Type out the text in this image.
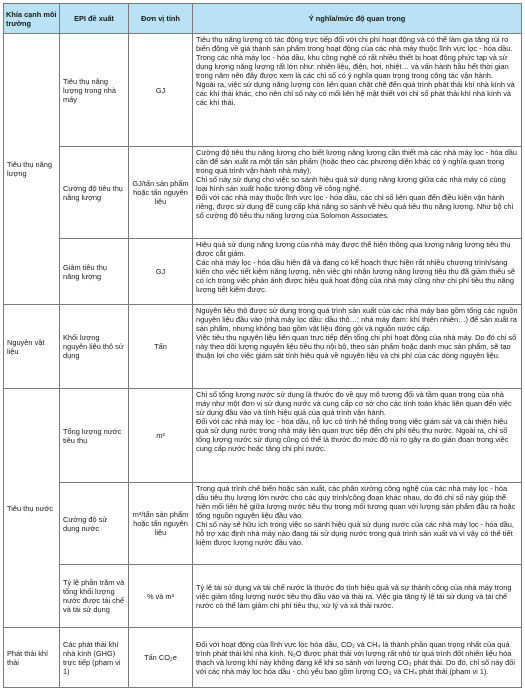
Khía cạnh môi trường	EPI đề xuất	Đơn vị tính	Ý nghĩa/mức độ quan trọng
Tiêu thụ năng lượng	Tiêu thụ năng lượng trong nhà máy	GJ	Tiêu thụ năng lượng có tác động trực tiếp đối với chi phí hoạt động và có thể làm gia tăng rủi ro biến động về giá thành sản phẩm trong hoạt động của các nhà máy thuộc lĩnh vực lọc - hóa dầu.

Trong các nhà máy lọc - hóa dầu, khu công nghệ có rất nhiều thiết bị hoạt động phức tạp và sử dụng lượng năng lượng rất lớn như: nhiên liệu, điện, hơi, nhiệt… và vấn hành hầu hết thời gian trong năm nên đây được xem là các chỉ số có ý nghĩa quan trọng trong công tác vận hành.

Ngoài ra, việc sử dụng năng lượng còn liên quan chặt chẽ đến quá trình phát thải khí nhà kính và các khí thải khác, cho nên chỉ số này có mối liên hệ mật thiết với chỉ số phát thải khí nhà kính và các khí thải.

	Cường độ tiêu thụ năng lượng	GJ/tấn sản phẩm hoặc tấn nguyên liệu	Cường độ tiêu thụ năng lượng cho biết lượng năng lượng cần thiết mà các nhà máy lọc - hóa dầu cần để sản xuất ra một tấn sản phẩm (hoặc theo các phương diện khác có ý nghĩa quan trọng trong quá trình vận hành nhà máy).

Chỉ số này sử dụng cho việc so sánh hiệu quả sử dụng năng lượng giữa các nhà máy có cùng loại hình sản xuất hoặc tương đồng về công nghệ.

Đối với các nhà máy thuộc lĩnh vực lọc - hóa dầu, các chỉ số liên quan đến điều kiện vận hành riêng, được sử dụng để cung cấp khả năng so sánh về hiệu quả tiêu thụ năng lượng. Như bộ chỉ số cường độ tiêu thụ năng lượng của Solomon Associates.

	Giảm tiêu thụ năng lượng	GJ	Hiệu quả sử dụng năng lượng của nhà máy được thể hiện thông qua lượng năng lượng tiêu thụ được cắt giảm.

Các nhà máy lọc - hóa dầu hiện đã và đang có kế hoạch thực hiện rất nhiều chương trình/sáng kiến cho việc tiết kiệm năng lượng, nên việc ghi nhận lượng năng lượng tiêu thụ đã giảm thiểu sẽ có ích trong việc phản ánh được hiệu quả hoạt động của nhà máy cũng như chi phí tiêu thụ năng lượng tiết kiệm được.

Nguyên vật liệu	Khối lượng nguyên liệu thô sử dụng	Tấn	Nguyên liệu thô được sử dụng trong quá trình sản xuất của các nhà máy bao gồm tổng các nguồn nguyên liệu đầu vào (nhà máy lọc dầu: dầu thô…; nhà máy đạm: khí thiên nhiên…) để sản xuất ra sản phẩm, nhưng không bao gồm vật liệu đóng gói và nguồn nước cấp.

Việc tiêu thụ nguyên liệu liên quan trực tiếp đến tổng chi phí hoạt động của nhà máy. Do đó chỉ số này theo dõi lượng nguyên liệu tiêu thụ nội bộ, theo sản phẩm hoặc danh mục sản phẩm, sẽ tạo thuận lợi cho việc giám sát tính hiệu quả về nguyên liệu và chi phí của các dòng nguyên liệu.

Tiêu thụ nước	Tổng lượng nước tiêu thụ	m³	Chỉ số tổng lượng nước sử dụng là thước đo về quy mô tương đối và tầm quan trọng của nhà máy như một đơn vị sử dụng nước và cung cấp cơ sở cho các tính toán khác liên quan đến việc sử dụng đầu vào và tính hiệu quả của quá trình vận hành.

Đối với các nhà máy lọc - hóa dầu, nỗ lực cô tính hệ thống trong việc giám sát và cải thiện hiệu quả sử dụng nước trong nhà máy liên quan trực tiếp đến chi phí tiêu thụ nước. Ngoài ra, chỉ số tổng lượng nước sử dụng cũng có thể là thước đo mức độ rủi ro gây ra do gián đoạn trong việc cung cấp nước hoặc tăng chi phí nước.

	Cường độ sử dụng nước	m³/tấn sản phẩm hoặc tấn nguyên liệu	Trong quá trình chế biến hoặc sản xuất, các phân xưởng công nghệ của các nhà máy lọc - hóa dầu tiêu thụ lượng lớn nước cho các quy trình/công đoạn khác nhau, do đó chỉ số này giúp thể hiện mối liên hệ giữa lượng nước tiêu thụ trong mối tương quan với lượng sản phẩm đầu ra hoặc tổng nguồn nguyên liệu đầu vào.

Chỉ số này sẽ hữu ích trong việc so sánh hiệu quả sử dụng nước của các nhà máy lọc - hóa dầu, hỗ trợ xác định nhà máy nào đang tái sử dụng nước trong quá trình sản xuất và vì vậy có thể tiết kiệm được lượng nước đầu vào.

	Tỷ lệ phần trăm và tổng khối lượng nước được tái chế và tái sử dụng	% và m³	Tỷ lệ tái sử dụng và tái chế nước là thước đo tính hiệu quả và sự thành công của nhà máy trong việc giảm tổng lượng nước tiêu thụ đầu vào và thải ra. Việc gia tăng tỷ lệ tái sử dụng và tái chế nước có thể làm giảm chi phí tiêu thụ, xử lý và xả thải nước.

Phát thải khí thải	Các phát thải khí nhà kính (GHG) trực tiếp (phạm vi 1)	Tấn CO₂e	Đối với hoạt động của lĩnh vực lọc hóa dầu, CO₂ và CH₄ là thành phần quan trọng nhất của quá trình phát thải khí nhà kính. N₂O được phát thải với lượng rất nhỏ từ quá trình đốt nhiên liệu hóa thạch và lượng khí này không đáng kể khi so sánh với lượng CO₂ phát thải. Do đó, chỉ số này đối với các nhà máy lọc hóa dầu - chủ yếu bao gồm lượng CO₂ và CH₄ phát thải (phạm vi 1).
